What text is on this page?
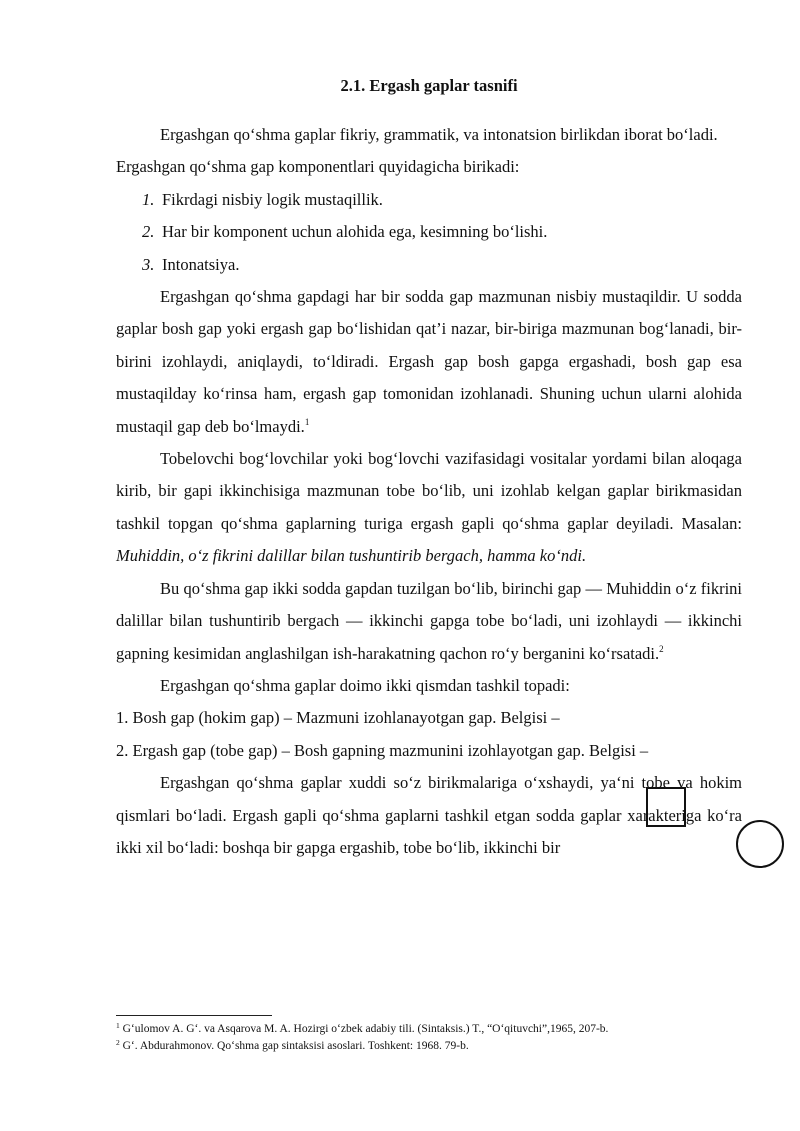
2.1. Ergash gaplar tasnifi

Ergashgan qo‘shma gaplar fikriy, grammatik, va intonatsion birlikdan iborat bo‘ladi.

Ergashgan qo‘shma gap komponentlari quyidagicha birikadi:

1. Fikrdagi nisbiy logik mustaqillik.

2. Har bir komponent uchun alohida ega, kesimning bo‘lishi.

3. Intonatsiya.

Ergashgan qo‘shma gapdagi har bir sodda gap mazmunan nisbiy mustaqildir. U sodda gaplar bosh gap yoki ergash gap bo‘lishidan qat’i nazar, bir-biriga mazmunan bog‘lanadi, bir-birini izohlaydi, aniqlaydi, to‘ldiradi. Ergash gap bosh gapga ergashadi, bosh gap esa mustaqilday ko‘rinsa ham, ergash gap tomonidan izohlanadi. Shuning uchun ularni alohida mustaqil gap deb bo‘lmaydi.$^1$

Tobelovchi bog‘lovchilar yoki bog‘lovchi vazifasidagi vositalar yordami bilan aloqaga kirib, bir gapi ikkinchisiga mazmunan tobe bo‘lib, uni izohlab kelgan gaplar birikmasidan tashkil topgan qo‘shma gaplarning turiga ergash gapli qo‘shma gaplar deyiladi. Masalan: Muhiddin, o‘z fikrini dalillar bilan tushuntirib bergach, hamma ko‘ndi.

Bu qo‘shma gap ikki sodda gapdan tuzilgan bo‘lib, birinchi gap — Muhiddin o‘z fikrini dalillar bilan tushuntirib bergach — ikkinchi gapga tobe bo‘ladi, uni izohlaydi — ikkinchi gapning kesimidan anglashilgan ish-harakatning qachon ro‘y berganini ko‘rsatadi.$^2$

Ergashgan qo‘shma gaplar doimo ikki qismdan tashkil topadi:

1. Bosh gap (hokim gap) – Mazmuni izohlanayotgan gap. Belgisi –

2. Ergash gap (tobe gap) – Bosh gapning mazmunini izohlayotgan gap. Belgisi –

Ergashgan qo‘shma gaplar xuddi so‘z birikmalariga o‘xshaydi, ya‘ni tobe va hokim qismlari bo‘ladi. Ergash gapli qo‘shma gaplarni tashkil etgan sodda gaplar xarakteriga ko‘ra ikki xil bo‘ladi: boshqa bir gapga ergashib, tobe bo‘lib, ikkinchi bir

$^1$ G‘ulomov A. G‘. va Asqarova M. A. Hozirgi o‘zbek adabiy tili. (Sintaksis.) T., “O‘qituvchi”,1965, 207-b.
$^2$ G‘. Abdurahmonov. Qo‘shma gap sintaksisi asoslari. Toshkent: 1968. 79-b.
